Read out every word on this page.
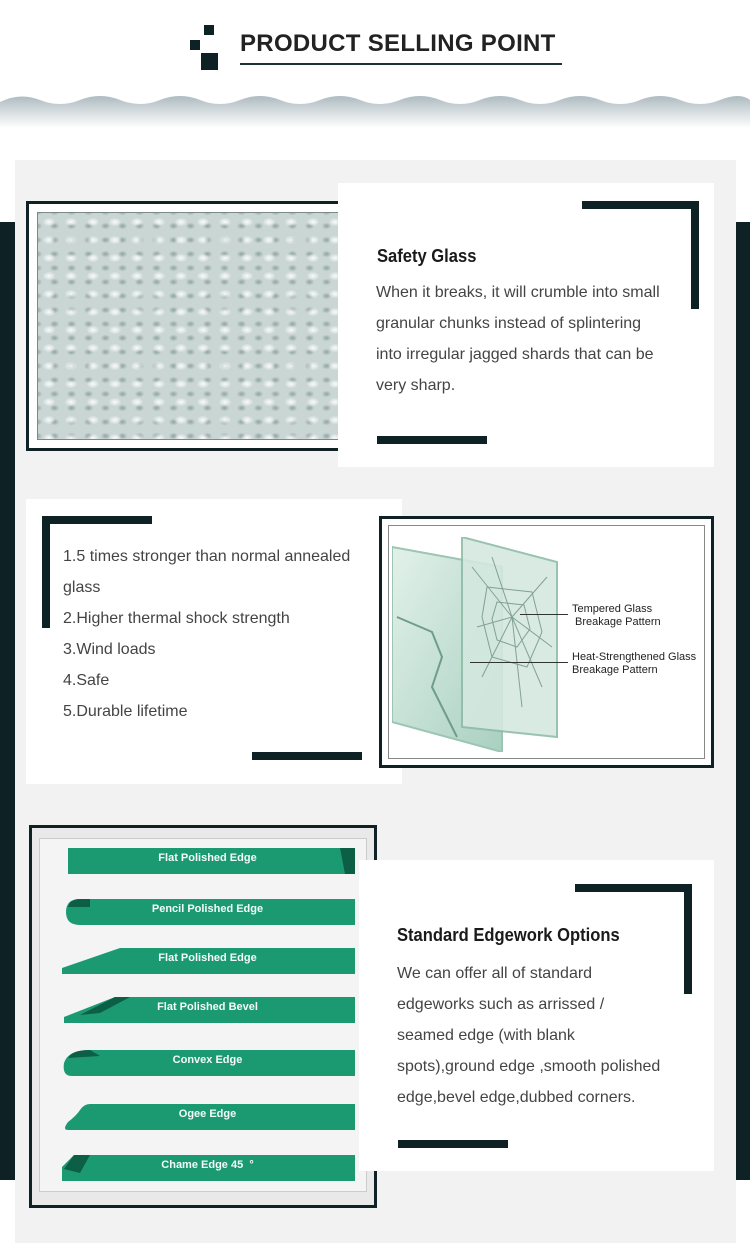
PRODUCT SELLING POINT
Safety Glass
When it breaks, it will crumble into small
granular chunks instead of splintering
into irregular jagged shards that can be
very sharp.
1.5 times stronger than normal annealed
glass
2.Higher thermal shock strength
3.Wind loads
4.Safe
5.Durable lifetime
Tempered Glass
Breakage Pattern
Heat-Strengthened Glass
Breakage Pattern
Flat Polished Edge
Pencil Polished Edge
Flat Polished Edge
Flat Polished Bevel
Convex Edge
Ogee Edge
Chame Edge 45  °
Standard Edgework Options
We can offer all of standard
edgeworks such as arrissed /
seamed edge (with blank
spots),ground edge ,smooth polished
edge,bevel edge,dubbed corners.
